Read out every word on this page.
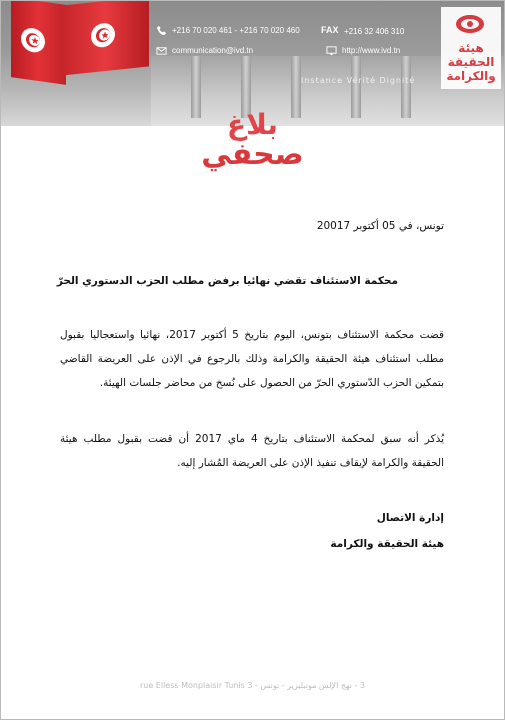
Instance Vérité Dignité
+216 70 020 461 - +216 70 020 460 FAX +216 32 406 310
communication@ivd.tn	http://www.ivd.tn	هيئة
الحقيقة
والكرامة
بلاغ
صحفي
تونس، في 05 أكتوبر 20017
محكمة الاستئناف تقضي نهائيا برفض مطلب الحزب الدستوري الحرّ
قضت محكمة الاستئناف بتونس، اليوم بتاريخ 5 أكتوبر 2017، نهائيا واستعجاليا بقبول مطلب استئناف هيئة الحقيقة والكرامة وذلك بالرجوع في الإذن على العريضة القاضي بتمكين الحزب الدّستوري الحرّ من الحصول على نُسخ من محاضر جلسات الهيئة.
يُذكر أنه سبق لمحكمة الاستئناف بتاريخ 4 ماي 2017 أن قضت بقبول مطلب هيئة الحقيقة والكرامة لإيقاف تنفيذ الإذن على العريضة المُشار إليه.
إدارة الاتصال
هيئة الحقيقة والكرامة
3 - نهج الإلس مونبليزير - تونس - rue Elless Monplaisir Tunis 3
